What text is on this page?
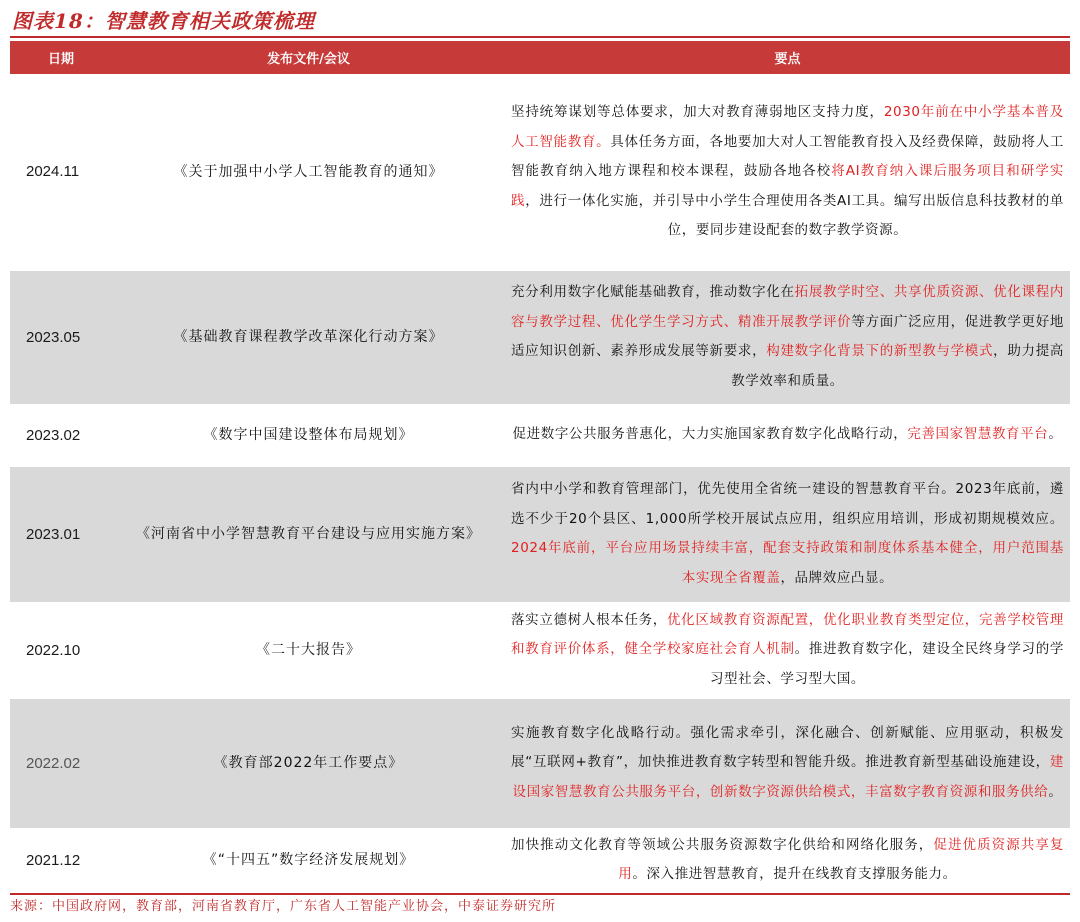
图表18：智慧教育相关政策梳理
日期	发布文件/会议	要点
2024.11	《关于加强中小学人工智能教育的通知》	坚持统筹谋划等总体要求，加大对教育薄弱地区支持力度，2030年前在中小学基本普及人工智能教育。具体任务方面，各地要加大对人工智能教育投入及经费保障，鼓励将人工智能教育纳入地方课程和校本课程，鼓励各地各校将AI教育纳入课后服务项目和研学实践，进行一体化实施，并引导中小学生合理使用各类AI工具。编写出版信息科技教材的单位，要同步建设配套的数字教学资源。
2023.05	《基础教育课程教学改革深化行动方案》	充分利用数字化赋能基础教育，推动数字化在拓展教学时空、共享优质资源、优化课程内容与教学过程、优化学生学习方式、精准开展教学评价等方面广泛应用，促进教学更好地适应知识创新、素养形成发展等新要求，构建数字化背景下的新型教与学模式，助力提高教学效率和质量。
2023.02	《数字中国建设整体布局规划》	促进数字公共服务普惠化，大力实施国家教育数字化战略行动，完善国家智慧教育平台。
2023.01	《河南省中小学智慧教育平台建设与应用实施方案》	省内中小学和教育管理部门，优先使用全省统一建设的智慧教育平台。2023年底前，遴选不少于20个县区、1,000所学校开展试点应用，组织应用培训，形成初期规模效应。2024年底前，平台应用场景持续丰富，配套支持政策和制度体系基本健全，用户范围基本实现全省覆盖，品牌效应凸显。
2022.10	《二十大报告》	落实立德树人根本任务，优化区域教育资源配置，优化职业教育类型定位，完善学校管理和教育评价体系，健全学校家庭社会育人机制。推进教育数字化，建设全民终身学习的学习型社会、学习型大国。
2022.02	《教育部2022年工作要点》	实施教育数字化战略行动。强化需求牵引，深化融合、创新赋能、应用驱动，积极发展“互联网+教育”，加快推进教育数字转型和智能升级。推进教育新型基础设施建设，建设国家智慧教育公共服务平台，创新数字资源供给模式，丰富数字教育资源和服务供给。
2021.12	《“十四五”数字经济发展规划》	加快推动文化教育等领域公共服务资源数字化供给和网络化服务，促进优质资源共享复用。深入推进智慧教育，提升在线教育支撑服务能力。
来源：中国政府网，教育部，河南省教育厅，广东省人工智能产业协会，中泰证券研究所
